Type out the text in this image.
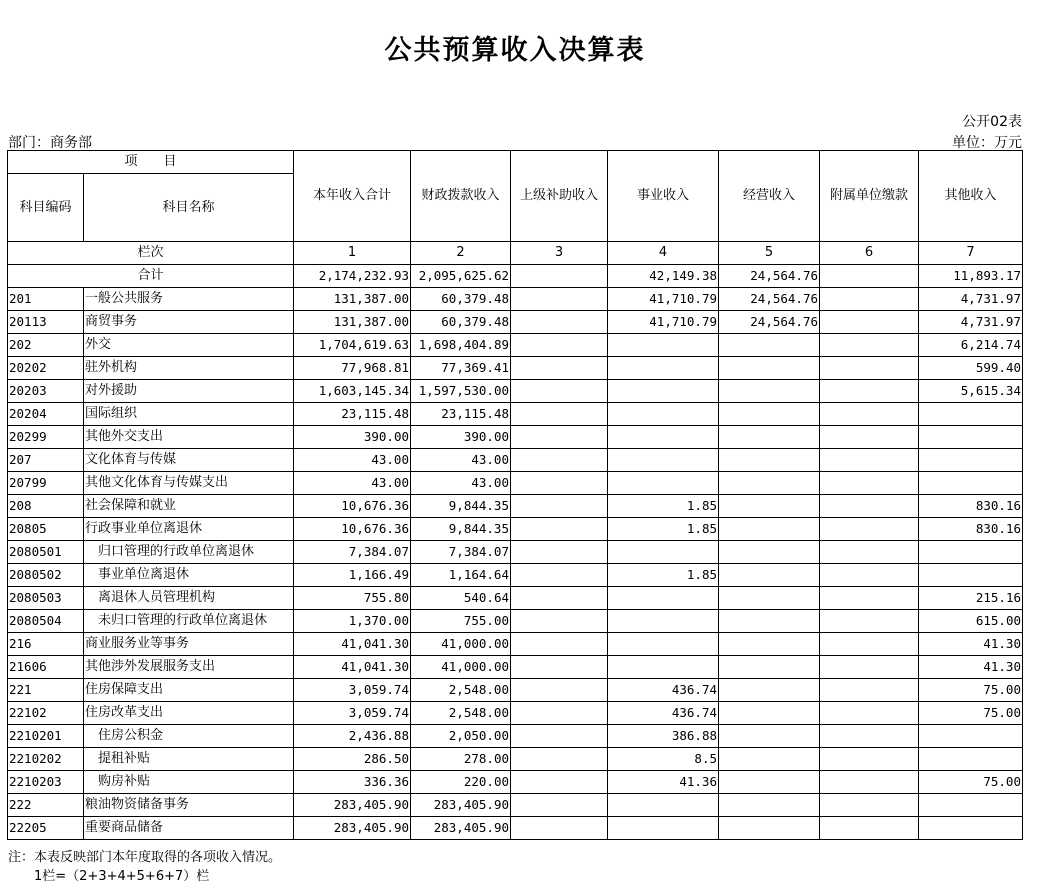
公共预算收入决算表
公开02表
部门：商务部	单位：万元
项　　目		本年收入合计	财政拨款收入	上级补助收入	事业收入	经营收入	附属单位缴款	其他收入
科目编码	科目名称							
栏次		1	2	3	4	5	6	7
合计		2,174,232.93	2,095,625.62		42,149.38	24,564.76		11,893.17
201	一般公共服务	131,387.00	60,379.48		41,710.79	24,564.76		4,731.97
20113	商贸事务	131,387.00	60,379.48		41,710.79	24,564.76		4,731.97
202	外交	1,704,619.63	1,698,404.89					6,214.74
20202	驻外机构	77,968.81	77,369.41					599.40
20203	对外援助	1,603,145.34	1,597,530.00					5,615.34
20204	国际组织	23,115.48	23,115.48					
20299	其他外交支出	390.00	390.00					
207	文化体育与传媒	43.00	43.00					
20799	其他文化体育与传媒支出	43.00	43.00					
208	社会保障和就业	10,676.36	9,844.35		1.85			830.16
20805	行政事业单位离退休	10,676.36	9,844.35		1.85			830.16
2080501	　归口管理的行政单位离退休	7,384.07	7,384.07					
2080502	　事业单位离退休	1,166.49	1,164.64		1.85			
2080503	　离退休人员管理机构	755.80	540.64					215.16
2080504	　未归口管理的行政单位离退休	1,370.00	755.00					615.00
216	商业服务业等事务	41,041.30	41,000.00					41.30
21606	其他涉外发展服务支出	41,041.30	41,000.00					41.30
221	住房保障支出	3,059.74	2,548.00		436.74			75.00
22102	住房改革支出	3,059.74	2,548.00		436.74			75.00
2210201	　住房公积金	2,436.88	2,050.00		386.88			
2210202	　提租补贴	286.50	278.00		8.5			
2210203	　购房补贴	336.36	220.00		41.36			75.00
222	粮油物资储备事务	283,405.90	283,405.90					
22205	重要商品储备	283,405.90	283,405.90					
注：本表反映部门本年度取得的各项收入情况。
1栏=（2+3+4+5+6+7）栏
